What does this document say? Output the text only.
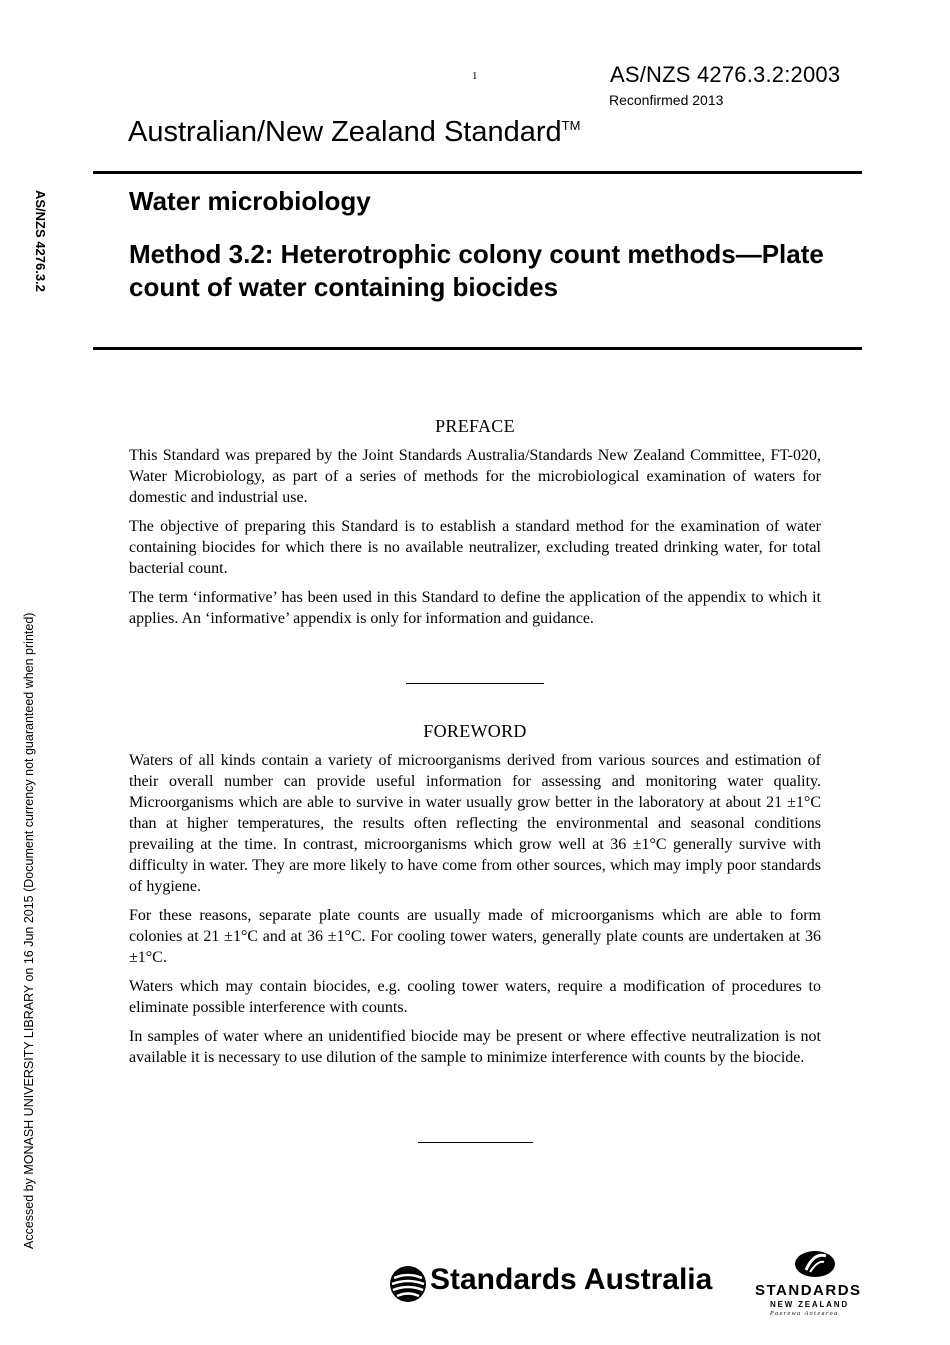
1	AS/NZS 4276.3.2:2003
Reconfirmed 2013
Australian/New Zealand Standard™
Water microbiology
Method 3.2: Heterotrophic colony count methods—Plate count of water containing biocides
AS/NZS 4276.3.2
Accessed by MONASH UNIVERSITY LIBRARY on 16 Jun 2015 (Document currency not guaranteed when printed)
PREFACE

This Standard was prepared by the Joint Standards Australia/Standards New Zealand Committee, FT-020, Water Microbiology, as part of a series of methods for the microbiological examination of waters for domestic and industrial use.

The objective of preparing this Standard is to establish a standard method for the examination of water containing biocides for which there is no available neutralizer, excluding treated drinking water, for total bacterial count.

The term ‘informative’ has been used in this Standard to define the application of the appendix to which it applies. An ‘informative’ appendix is only for information and guidance.

FOREWORD

Waters of all kinds contain a variety of microorganisms derived from various sources and estimation of their overall number can provide useful information for assessing and monitoring water quality. Microorganisms which are able to survive in water usually grow better in the laboratory at about 21 ±1°C than at higher temperatures, the results often reflecting the environmental and seasonal conditions prevailing at the time. In contrast, microorganisms which grow well at 36 ±1°C generally survive with difficulty in water. They are more likely to have come from other sources, which may imply poor standards of hygiene.

For these reasons, separate plate counts are usually made of microorganisms which are able to form colonies at 21 ±1°C and at 36 ±1°C. For cooling tower waters, generally plate counts are undertaken at 36 ±1°C.

Waters which may contain biocides, e.g. cooling tower waters, require a modification of procedures to eliminate possible interference with counts.

In samples of water where an unidentified biocide may be present or where effective neutralization is not available it is necessary to use dilution of the sample to minimize interference with counts by the biocide.

Standards Australia	STANDARDS
NEW ZEALAND
Paerewa Aotearoa
